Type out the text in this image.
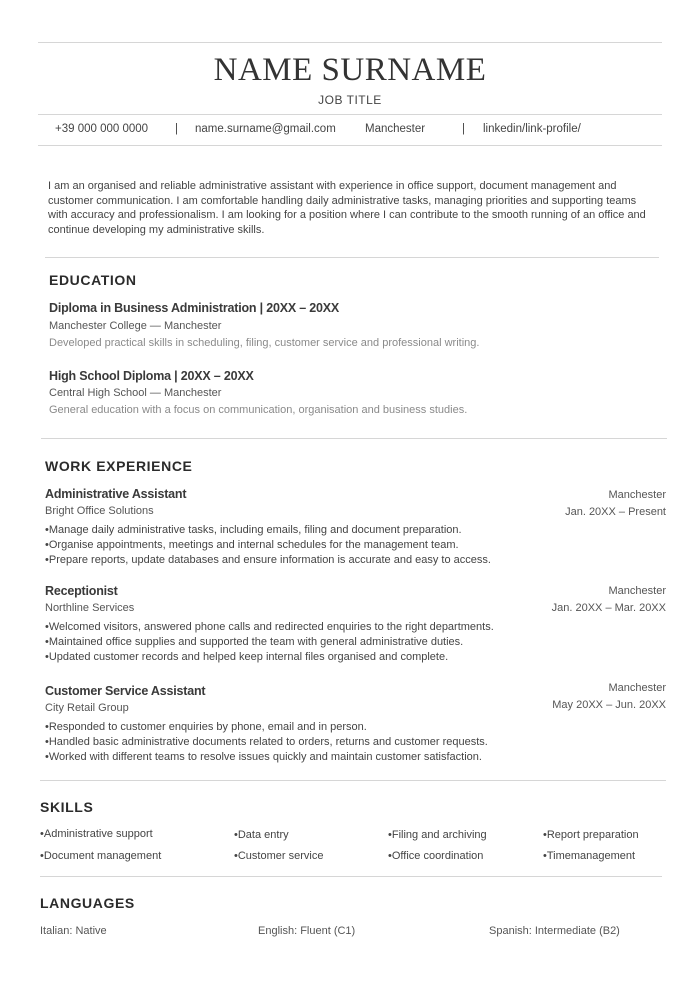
NAME SURNAME
JOB TITLE
+39 000 000 0000 | name.surname@gmail.com	Manchester	| linkedin/link-profile/
I am an organised and reliable administrative assistant with experience in office support, document management and customer communication. I am comfortable handling daily administrative tasks, managing priorities and supporting teams with accuracy and professionalism. I am looking for a position where I can contribute to the smooth running of an office and continue developing my administrative skills.
EDUCATION
Diploma in Business Administration | 20XX – 20XX
Manchester College — Manchester
Developed practical skills in scheduling, filing, customer service and professional writing.
High School Diploma | 20XX – 20XX
Central High School — Manchester
General education with a focus on communication, organisation and business studies.
WORK EXPERIENCE
Administrative Assistant
Bright Office Solutions
Manchester
Jan. 20XX – Present
• Manage daily administrative tasks, including emails, filing and document preparation.
• Organise appointments, meetings and internal schedules for the management team.
• Prepare reports, update databases and ensure information is accurate and easy to access.
Receptionist
Northline Services
Manchester
Jan. 20XX – Mar. 20XX
• Welcomed visitors, answered phone calls and redirected enquiries to the right departments.
• Maintained office supplies and supported the team with general administrative duties.
• Updated customer records and helped keep internal files organised and complete.
Customer Service Assistant
City Retail Group
Manchester
May 20XX – Jun. 20XX
• Responded to customer enquiries by phone, email and in person.
• Handled basic administrative documents related to orders, returns and customer requests.
• Worked with different teams to resolve issues quickly and maintain customer satisfaction.
SKILLS
• Administrative support	• Data entry	• Filing and archiving	• Report preparation
• Document management	• Customer service	• Office coordination	• Timemanagement
LANGUAGES
Italian: Native	English: Fluent (C1)	Spanish: Intermediate (B2)
